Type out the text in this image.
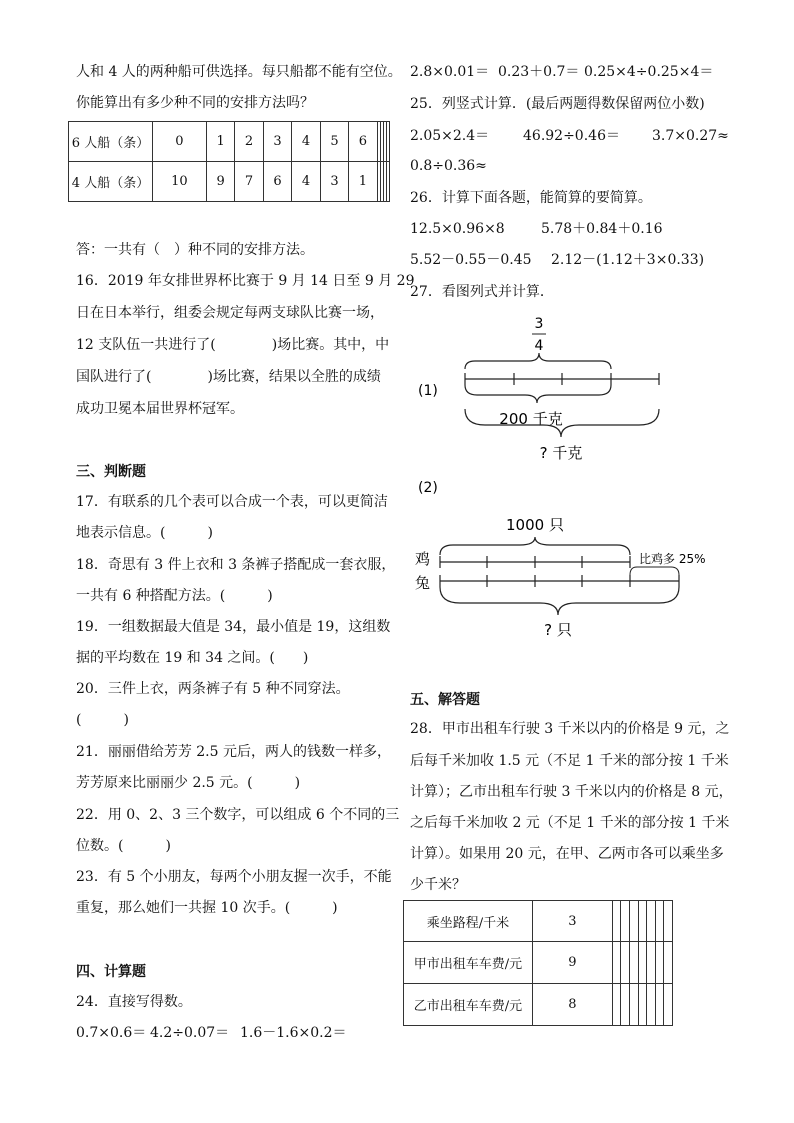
人和 4 人的两种船可供选择。每只船都不能有空位。
你能算出有多少种不同的安排方法吗？
6 人船（条）	0	1	2	3	4	5	6				
4 人船（条）	10	9	7	6	4	3	1				
答：一共有（　）种不同的安排方法。
16．2019 年女排世界杯比赛于 9 月 14 日至 9 月 29
日在日本举行，组委会规定每两支球队比赛一场，
12 支队伍一共进行了(　　　　)场比赛。其中，中
国队进行了(　　　　)场比赛，结果以全胜的成绩
成功卫冕本届世界杯冠军。
三、判断题
17．有联系的几个表可以合成一个表，可以更简洁
地表示信息。(　　　)
18．奇思有 3 件上衣和 3 条裤子搭配成一套衣服，
一共有 6 种搭配方法。(　　　)
19．一组数据最大值是 34，最小值是 19，这组数
据的平均数在 19 和 34 之间。(　　)
20．三件上衣，两条裤子有 5 种不同穿法。
(　　　)
21．丽丽借给芳芳 2.5 元后，两人的钱数一样多，
芳芳原来比丽丽少 2.5 元。(　　　)
22．用 0、2、3 三个数字，可以组成 6 个不同的三
位数。(　　　)
23．有 5 个小朋友，每两个小朋友握一次手，不能
重复，那么她们一共握 10 次手。(　　　)
四、计算题
24．直接写得数。
0.7×0.6＝ 4.2÷0.07＝ 1.6－1.6×0.2＝
2.8×0.01＝ 0.23＋0.7＝ 0.25×4÷0.25×4＝
25．列竖式计算．(最后两题得数保留两位小数)
2.05×2.4＝ 46.92÷0.46＝ 3.7×0.27≈
0.8÷0.36≈
26．计算下面各题，能简算的要简算。
12.5×0.96×8	5.78＋0.84＋0.16
5.52－0.55－0.45 2.12－(1.12＋3×0.33)
27．看图列式并计算．
(1)
3
4
200 千克
? 千克
(2)
1000 只
鸡
兔
比鸡多 25%
? 只
五、解答题
28．甲市出租车行驶 3 千米以内的价格是 9 元，之
后每千米加收 1.5 元（不足 1 千米的部分按 1 千米
计算）；乙市出租车行驶 3 千米以内的价格是 8 元，
之后每千米加收 2 元（不足 1 千米的部分按 1 千米
计算）。如果用 20 元，在甲、乙两市各可以乘坐多
少千米？
乘坐路程/千米	3							
甲市出租车车费/元	9							
乙市出租车车费/元	8							
